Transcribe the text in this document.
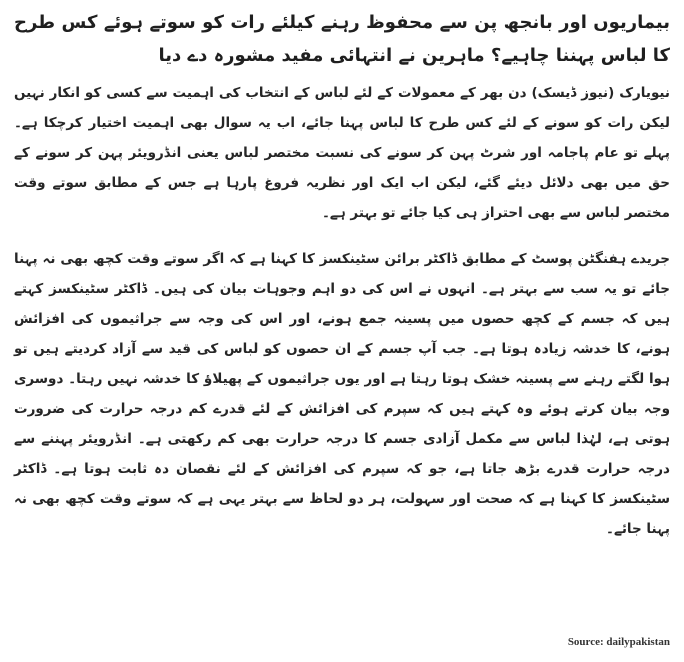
بیماریوں اور بانجھ پن سے محفوظ رہنے کیلئے رات کو سوتے ہوئے کس طرح کا لباس پہننا چاہیے؟ ماہرین نے انتہائی مفید مشورہ دے دیا

نیویارک (نیوز ڈیسک) دن بھر کے معمولات کے لئے لباس کے انتخاب کی اہمیت سے کسی کو انکار نہیں لیکن رات کو سونے کے لئے کس طرح کا لباس پہنا جائے، اب یہ سوال بھی اہمیت اختیار کرچکا ہے۔ پہلے تو عام پاجامہ اور شرٹ پہن کر سونے کی نسبت مختصر لباس یعنی انڈرویئر پہن کر سونے کے حق میں بھی دلائل دیئے گئے، لیکن اب ایک اور نظریہ فروغ پارہا ہے جس کے مطابق سوتے وقت مختصر لباس سے بھی احتراز ہی کیا جائے تو بہتر ہے۔

جریدے ہفنگٹن پوسٹ کے مطابق ڈاکٹر برائن سٹینکسز کا کہنا ہے کہ اگر سوتے وقت کچھ بھی نہ پہنا جائے تو یہ سب سے بہتر ہے۔ انہوں نے اس کی دو اہم وجوہات بیان کی ہیں۔ ڈاکٹر سٹینکسز کہتے ہیں کہ جسم کے کچھ حصوں میں پسینہ جمع ہونے، اور اس کی وجہ سے جراثیموں کی افزائش ہونے، کا خدشہ زیادہ ہوتا ہے۔ جب آپ جسم کے ان حصوں کو لباس کی قید سے آزاد کردیتے ہیں تو ہوا لگتے رہنے سے پسینہ خشک ہوتا رہتا ہے اور یوں جراثیموں کے پھیلاؤ کا خدشہ نہیں رہتا۔ دوسری وجہ بیان کرتے ہوئے وہ کہتے ہیں کہ سپرم کی افزائش کے لئے قدرے کم درجہ حرارت کی ضرورت ہوتی ہے، لہٰذا لباس سے مکمل آزادی جسم کا درجہ حرارت بھی کم رکھتی ہے۔ انڈرویئر پہننے سے درجہ حرارت قدرے بڑھ جاتا ہے، جو کہ سپرم کی افزائش کے لئے نقصان دہ ثابت ہوتا ہے۔ ڈاکٹر سٹینکسز کا کہنا ہے کہ صحت اور سہولت، ہر دو لحاظ سے بہتر یہی ہے کہ سوتے وقت کچھ بھی نہ پہنا جائے۔

Source: dailypakistan
